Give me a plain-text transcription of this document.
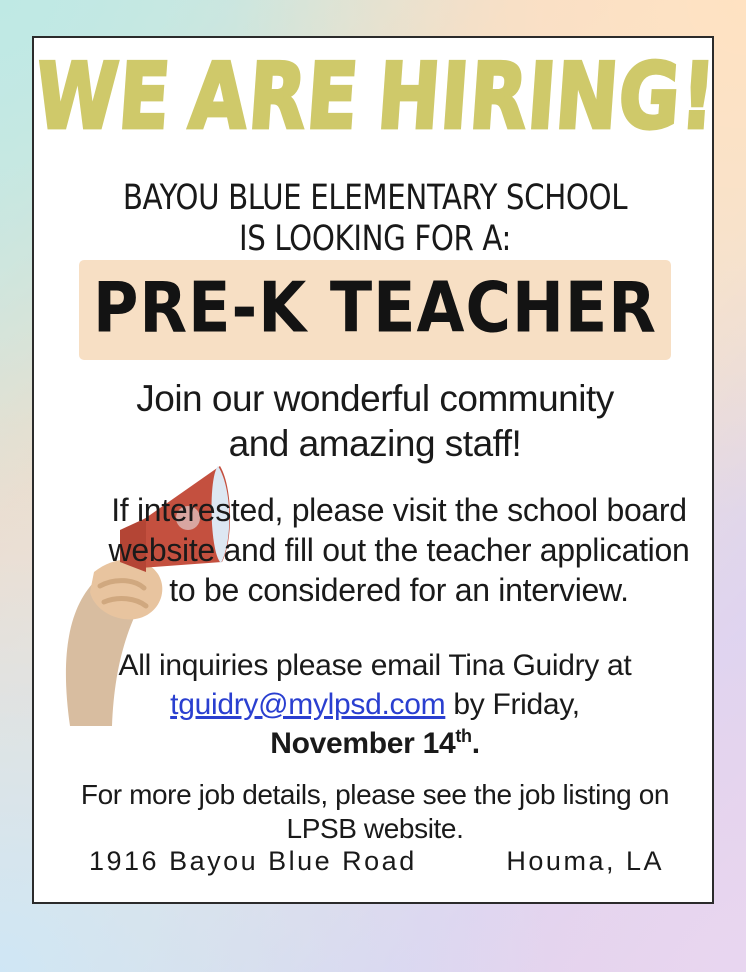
WE ARE HIRING!
BAYOU BLUE ELEMENTARY SCHOOL
IS LOOKING FOR A:
PRE-K TEACHER
Join our wonderful community
and amazing staff!
If interested, please visit the school board website and fill out the teacher application to be considered for an interview.
All inquiries please email Tina Guidry at
tguidry@mylpsd.com by Friday,
November 14th.
For more job details, please see the job listing on LPSB website.
1916 Bayou Blue Road	Houma, LA
